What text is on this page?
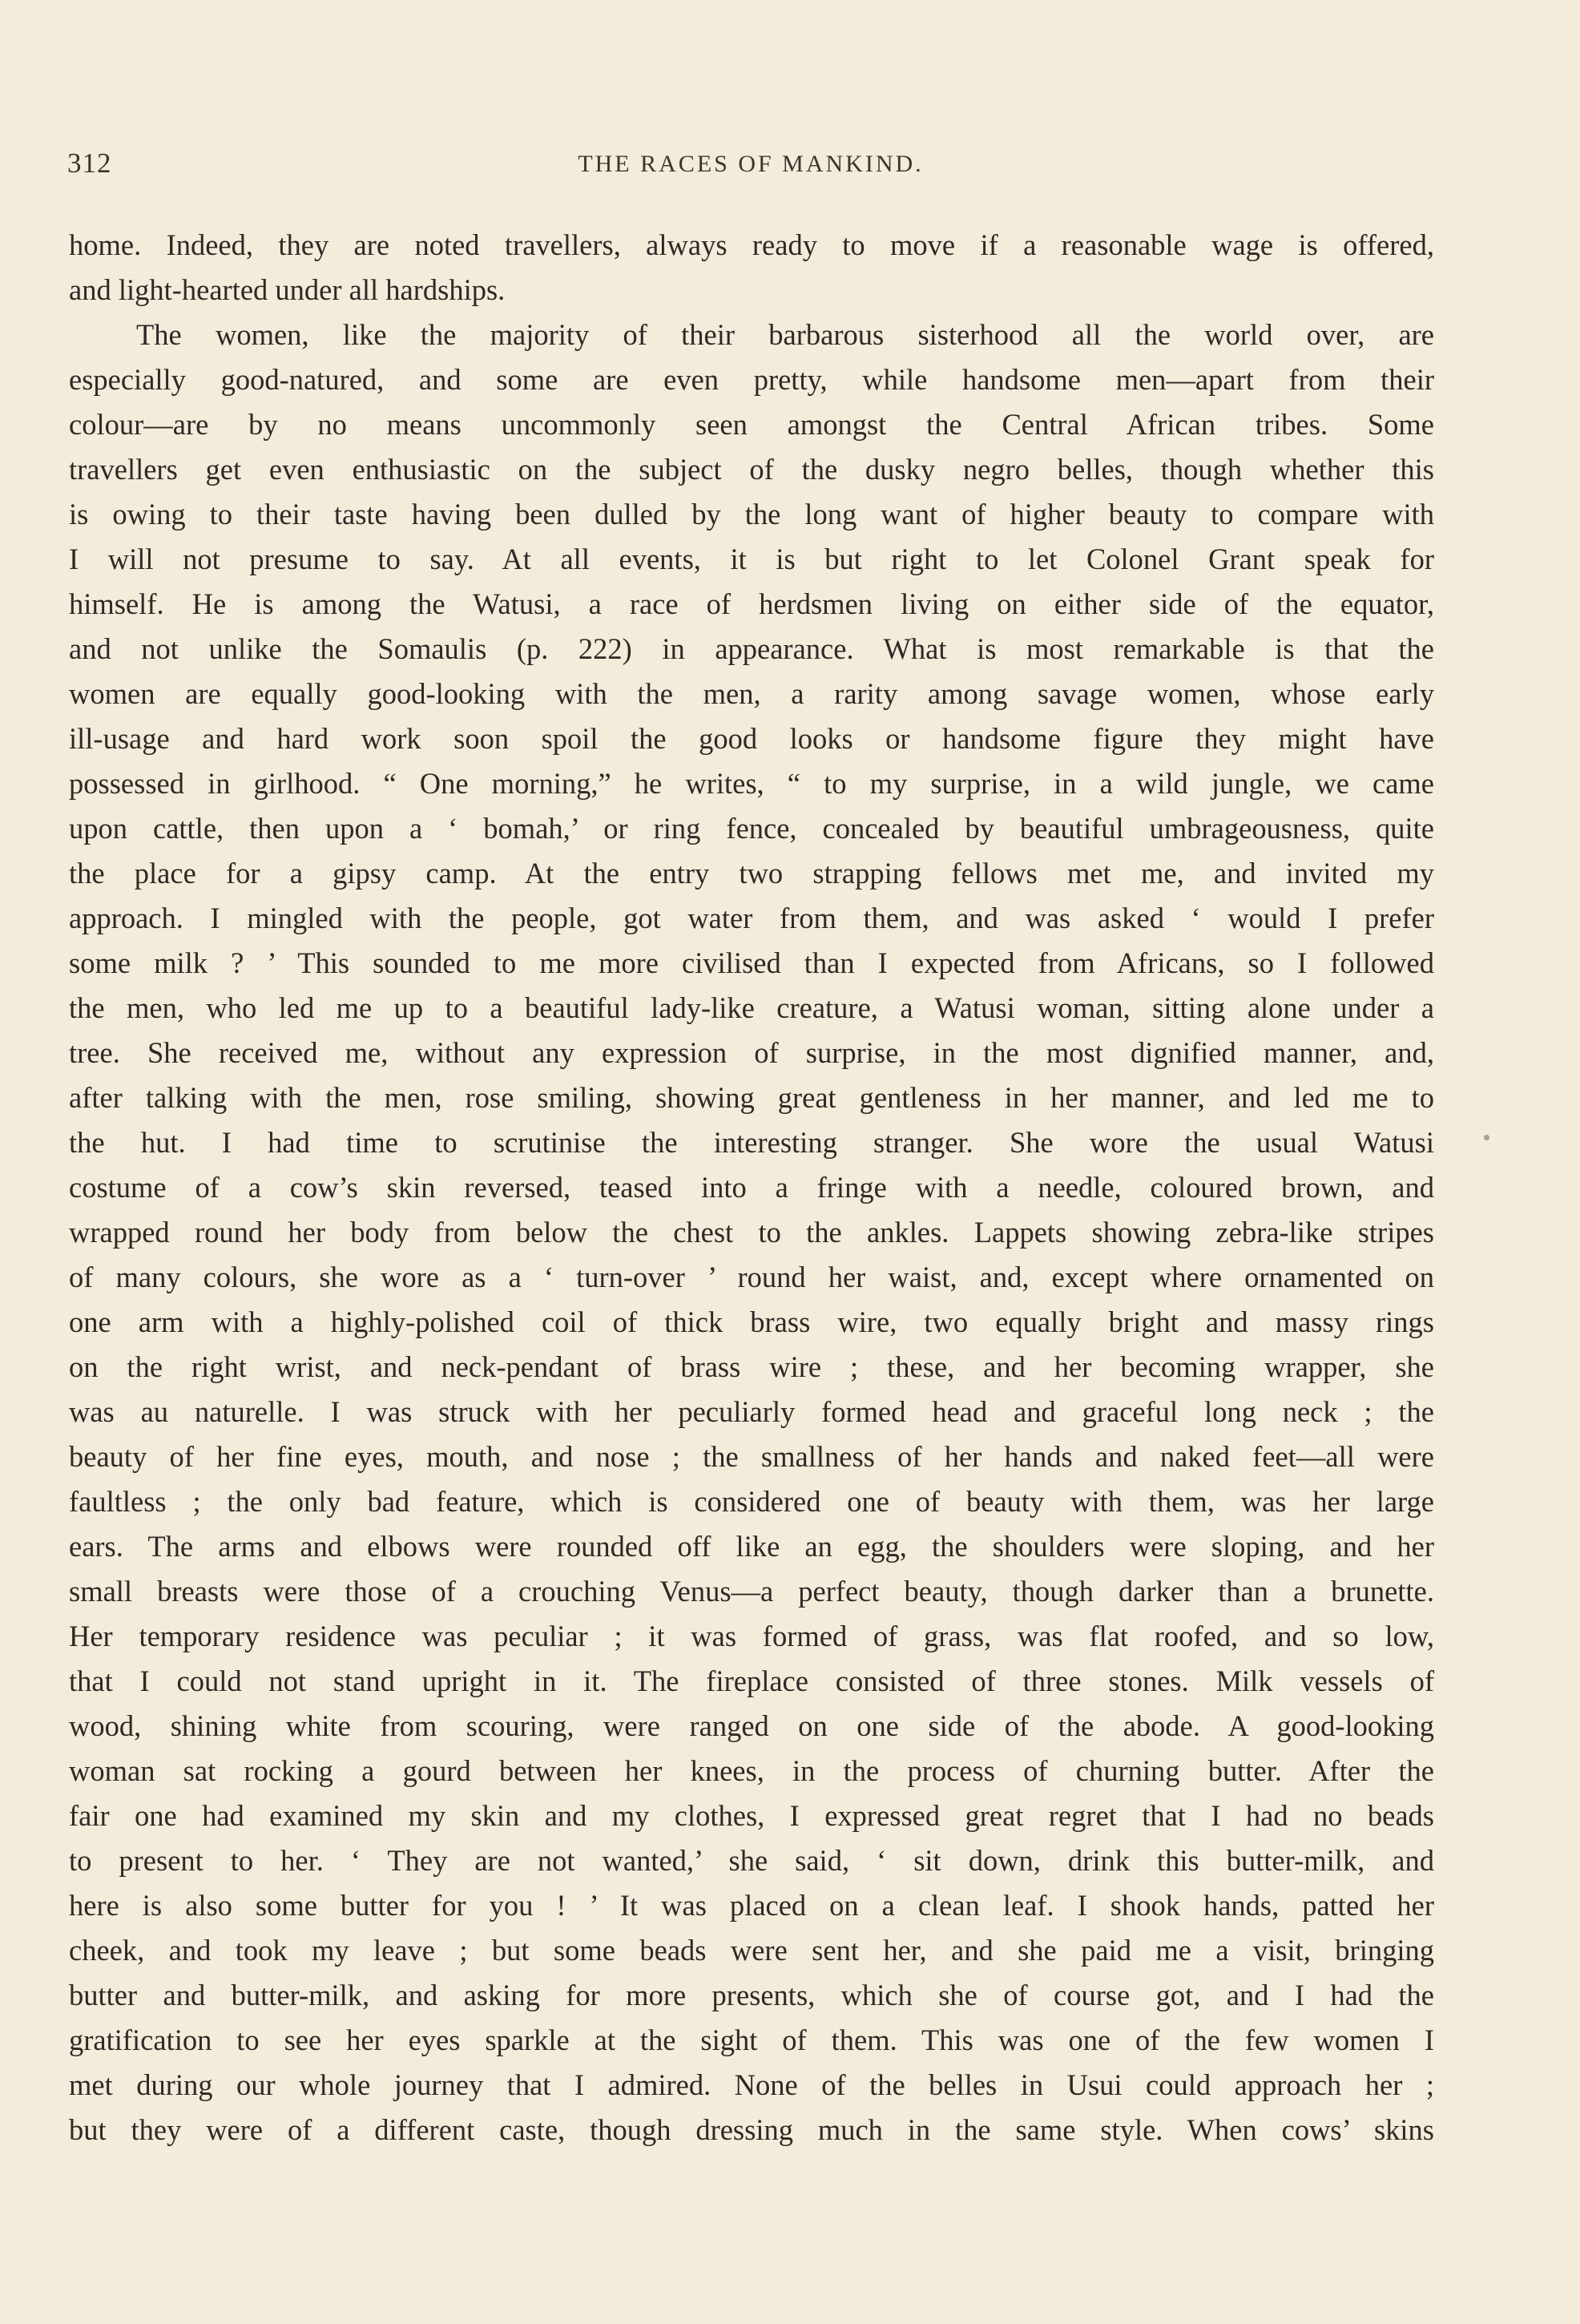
312	THE RACES OF MANKIND.
home. Indeed, they are noted travellers, always ready to move if a reasonable wage is offered,
and light-hearted under all hardships.
The women, like the majority of their barbarous sisterhood all the world over, are
especially good-natured, and some are even pretty, while handsome men—apart from their
colour—are by no means uncommonly seen amongst the Central African tribes. Some
travellers get even enthusiastic on the subject of the dusky negro belles, though whether this
is owing to their taste having been dulled by the long want of higher beauty to compare with
I will not presume to say. At all events, it is but right to let Colonel Grant speak for
himself. He is among the Watusi, a race of herdsmen living on either side of the equator,
and not unlike the Somaulis (p. 222) in appearance. What is most remarkable is that the
women are equally good-looking with the men, a rarity among savage women, whose early
ill-usage and hard work soon spoil the good looks or handsome figure they might have
possessed in girlhood. “ One morning,” he writes, “ to my surprise, in a wild jungle, we came
upon cattle, then upon a ‘ bomah,’ or ring fence, concealed by beautiful umbrageousness, quite
the place for a gipsy camp. At the entry two strapping fellows met me, and invited my
approach. I mingled with the people, got water from them, and was asked ‘ would I prefer
some milk ? ’ This sounded to me more civilised than I expected from Africans, so I followed
the men, who led me up to a beautiful lady-like creature, a Watusi woman, sitting alone under a
tree. She received me, without any expression of surprise, in the most dignified manner, and,
after talking with the men, rose smiling, showing great gentleness in her manner, and led me to
the hut. I had time to scrutinise the interesting stranger. She wore the usual Watusi
costume of a cow’s skin reversed, teased into a fringe with a needle, coloured brown, and
wrapped round her body from below the chest to the ankles. Lappets showing zebra-like stripes
of many colours, she wore as a ‘ turn-over ’ round her waist, and, except where ornamented on
one arm with a highly-polished coil of thick brass wire, two equally bright and massy rings
on the right wrist, and neck-pendant of brass wire ; these, and her becoming wrapper, she
was au naturelle. I was struck with her peculiarly formed head and graceful long neck ; the
beauty of her fine eyes, mouth, and nose ; the smallness of her hands and naked feet—all were
faultless ; the only bad feature, which is considered one of beauty with them, was her large
ears. The arms and elbows were rounded off like an egg, the shoulders were sloping, and her
small breasts were those of a crouching Venus—a perfect beauty, though darker than a brunette.
Her temporary residence was peculiar ; it was formed of grass, was flat roofed, and so low,
that I could not stand upright in it. The fireplace consisted of three stones. Milk vessels of
wood, shining white from scouring, were ranged on one side of the abode. A good-looking
woman sat rocking a gourd between her knees, in the process of churning butter. After the
fair one had examined my skin and my clothes, I expressed great regret that I had no beads
to present to her. ‘ They are not wanted,’ she said, ‘ sit down, drink this butter-milk, and
here is also some butter for you ! ’ It was placed on a clean leaf. I shook hands, patted her
cheek, and took my leave ; but some beads were sent her, and she paid me a visit, bringing
butter and butter-milk, and asking for more presents, which she of course got, and I had the
gratification to see her eyes sparkle at the sight of them. This was one of the few women I
met during our whole journey that I admired. None of the belles in Usui could approach her ;
but they were of a different caste, though dressing much in the same style. When cows’ skins
